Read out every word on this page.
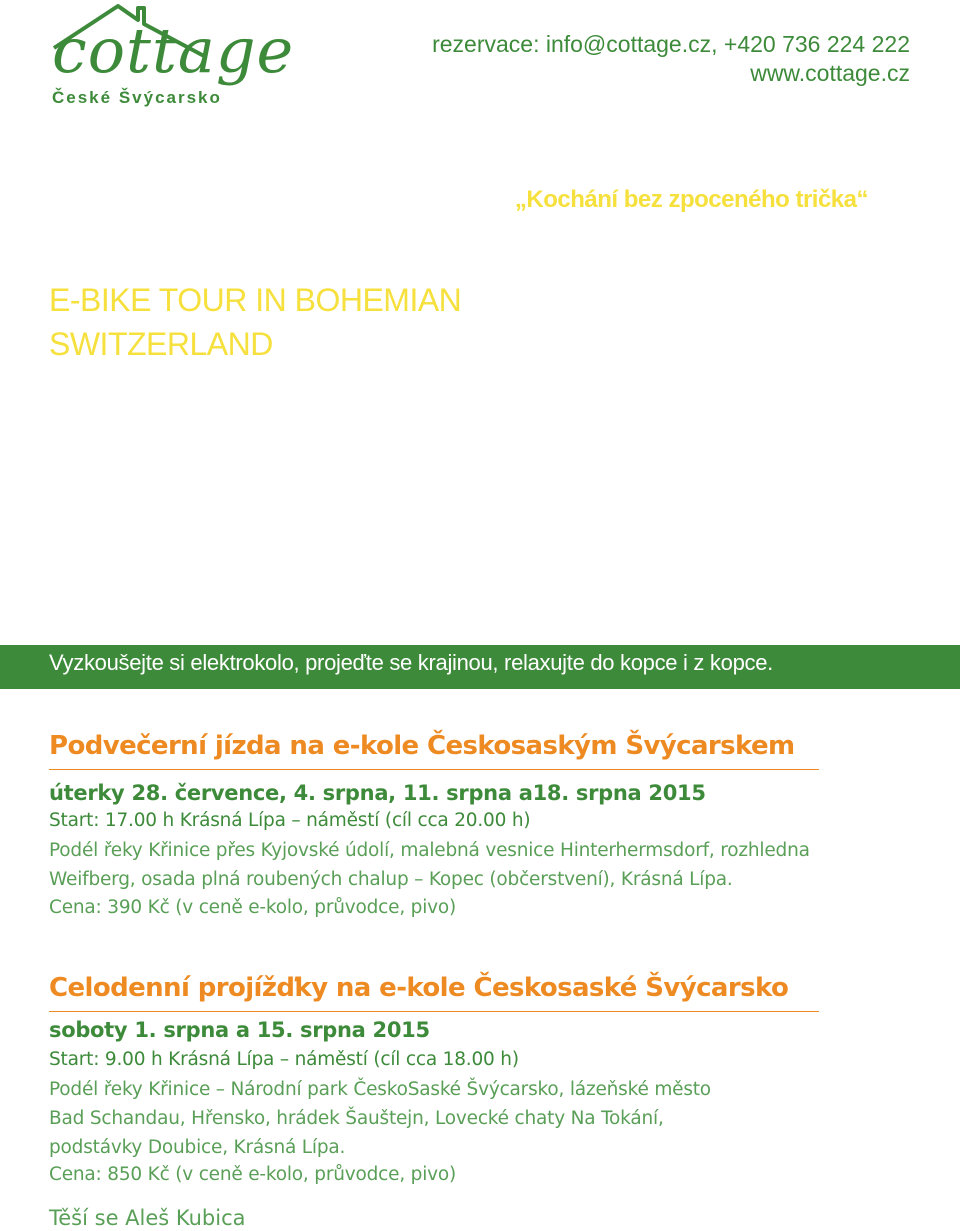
cottage
České Švýcarsko
rezervace: info@cottage.cz, +420 736 224 222
www.cottage.cz
„Kochání bez zpoceného trička“
E-BIKE TOUR IN BOHEMIAN
SWITZERLAND
Vyzkoušejte si elektrokolo, projeďte se krajinou, relaxujte do kopce i z kopce.
Podvečerní jízda na e-kole Českosaským Švýcarskem
úterky 28. července, 4. srpna, 11. srpna a18. srpna 2015
Start: 17.00 h Krásná Lípa – náměstí (cíl cca 20.00 h)
Podél řeky Křinice přes Kyjovské údolí, malebná vesnice Hinterhermsdorf, rozhledna
Weifberg, osada plná roubených chalup – Kopec (občerstvení), Krásná Lípa.
Cena: 390 Kč (v ceně e-kolo, průvodce, pivo)
Celodenní projížďky na e-kole Českosaské Švýcarsko
soboty 1. srpna a 15. srpna 2015
Start: 9.00 h Krásná Lípa – náměstí (cíl cca 18.00 h)
Podél řeky Křinice – Národní park ČeskoSaské Švýcarsko, lázeňské město
Bad Schandau, Hřensko, hrádek Šauštejn, Lovecké chaty Na Tokání,
podstávky Doubice, Krásná Lípa.
Cena: 850 Kč (v ceně e-kolo, průvodce, pivo)
Těší se Aleš Kubica
